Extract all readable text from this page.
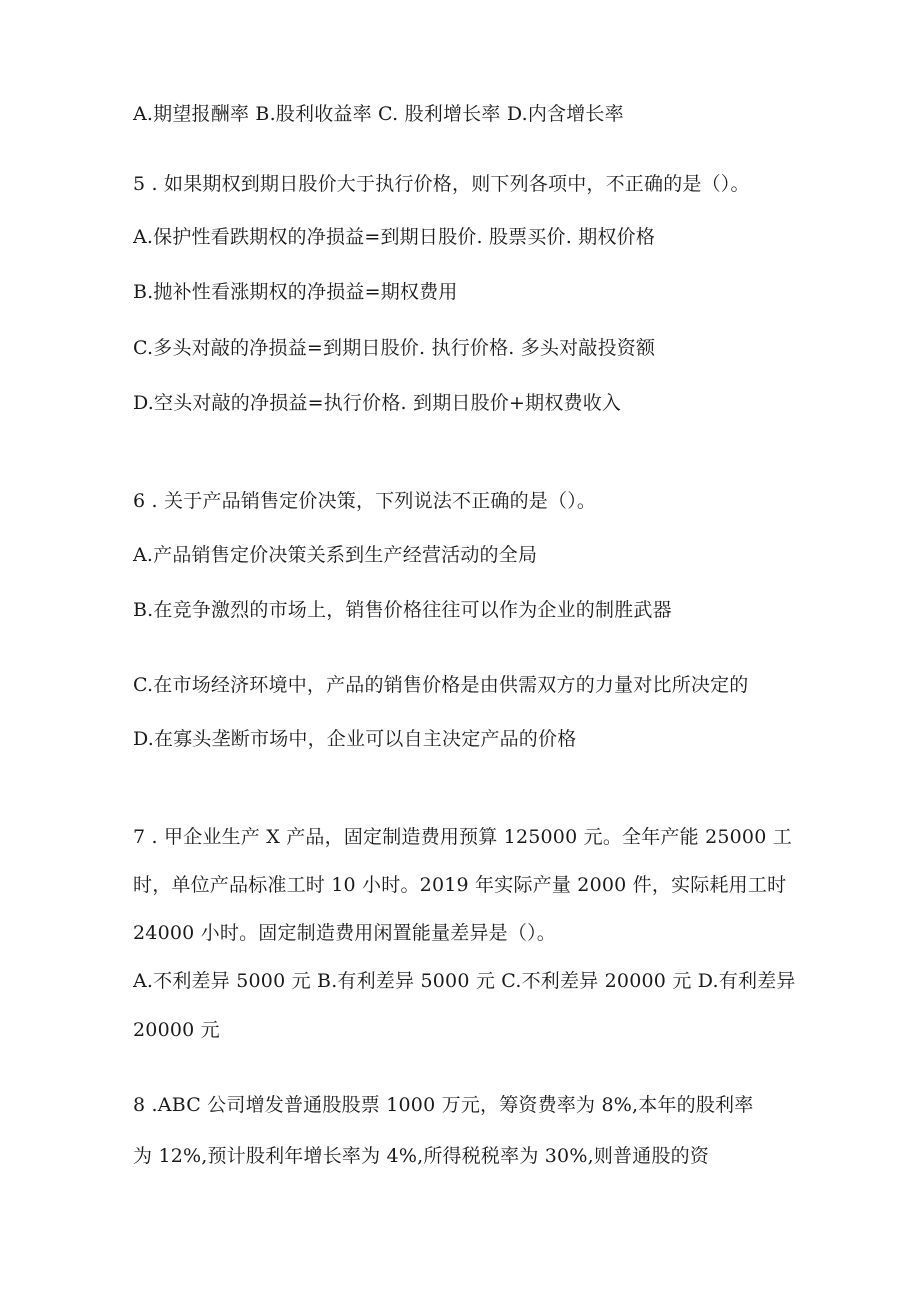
A.期望报酬率 B.股利收益率 C. 股利增长率 D.内含增长率
5 . 如果期权到期日股价大于执行价格，则下列各项中，不正确的是（）。
A.保护性看跌期权的净损益=到期日股价. 股票买价. 期权价格
B.抛补性看涨期权的净损益=期权费用
C.多头对敲的净损益=到期日股价. 执行价格. 多头对敲投资额
D.空头对敲的净损益=执行价格. 到期日股价+期权费收入
6 . 关于产品销售定价决策，下列说法不正确的是（）。
A.产品销售定价决策关系到生产经营活动的全局
B.在竞争激烈的市场上，销售价格往往可以作为企业的制胜武器
C.在市场经济环境中，产品的销售价格是由供需双方的力量对比所决定的
D.在寡头垄断市场中，企业可以自主决定产品的价格
7 . 甲企业生产 X 产品，固定制造费用预算 125000 元。全年产能 25000 工
时，单位产品标准工时 10 小时。2019 年实际产量 2000 件，实际耗用工时
24000 小时。固定制造费用闲置能量差异是（）。
A.不利差异 5000 元 B.有利差异 5000 元 C.不利差异 20000 元 D.有利差异
20000 元
8 .ABC 公司增发普通股股票 1000 万元，筹资费率为 8%,本年的股利率
为 12%,预计股利年增长率为 4%,所得税税率为 30%,则普通股的资
